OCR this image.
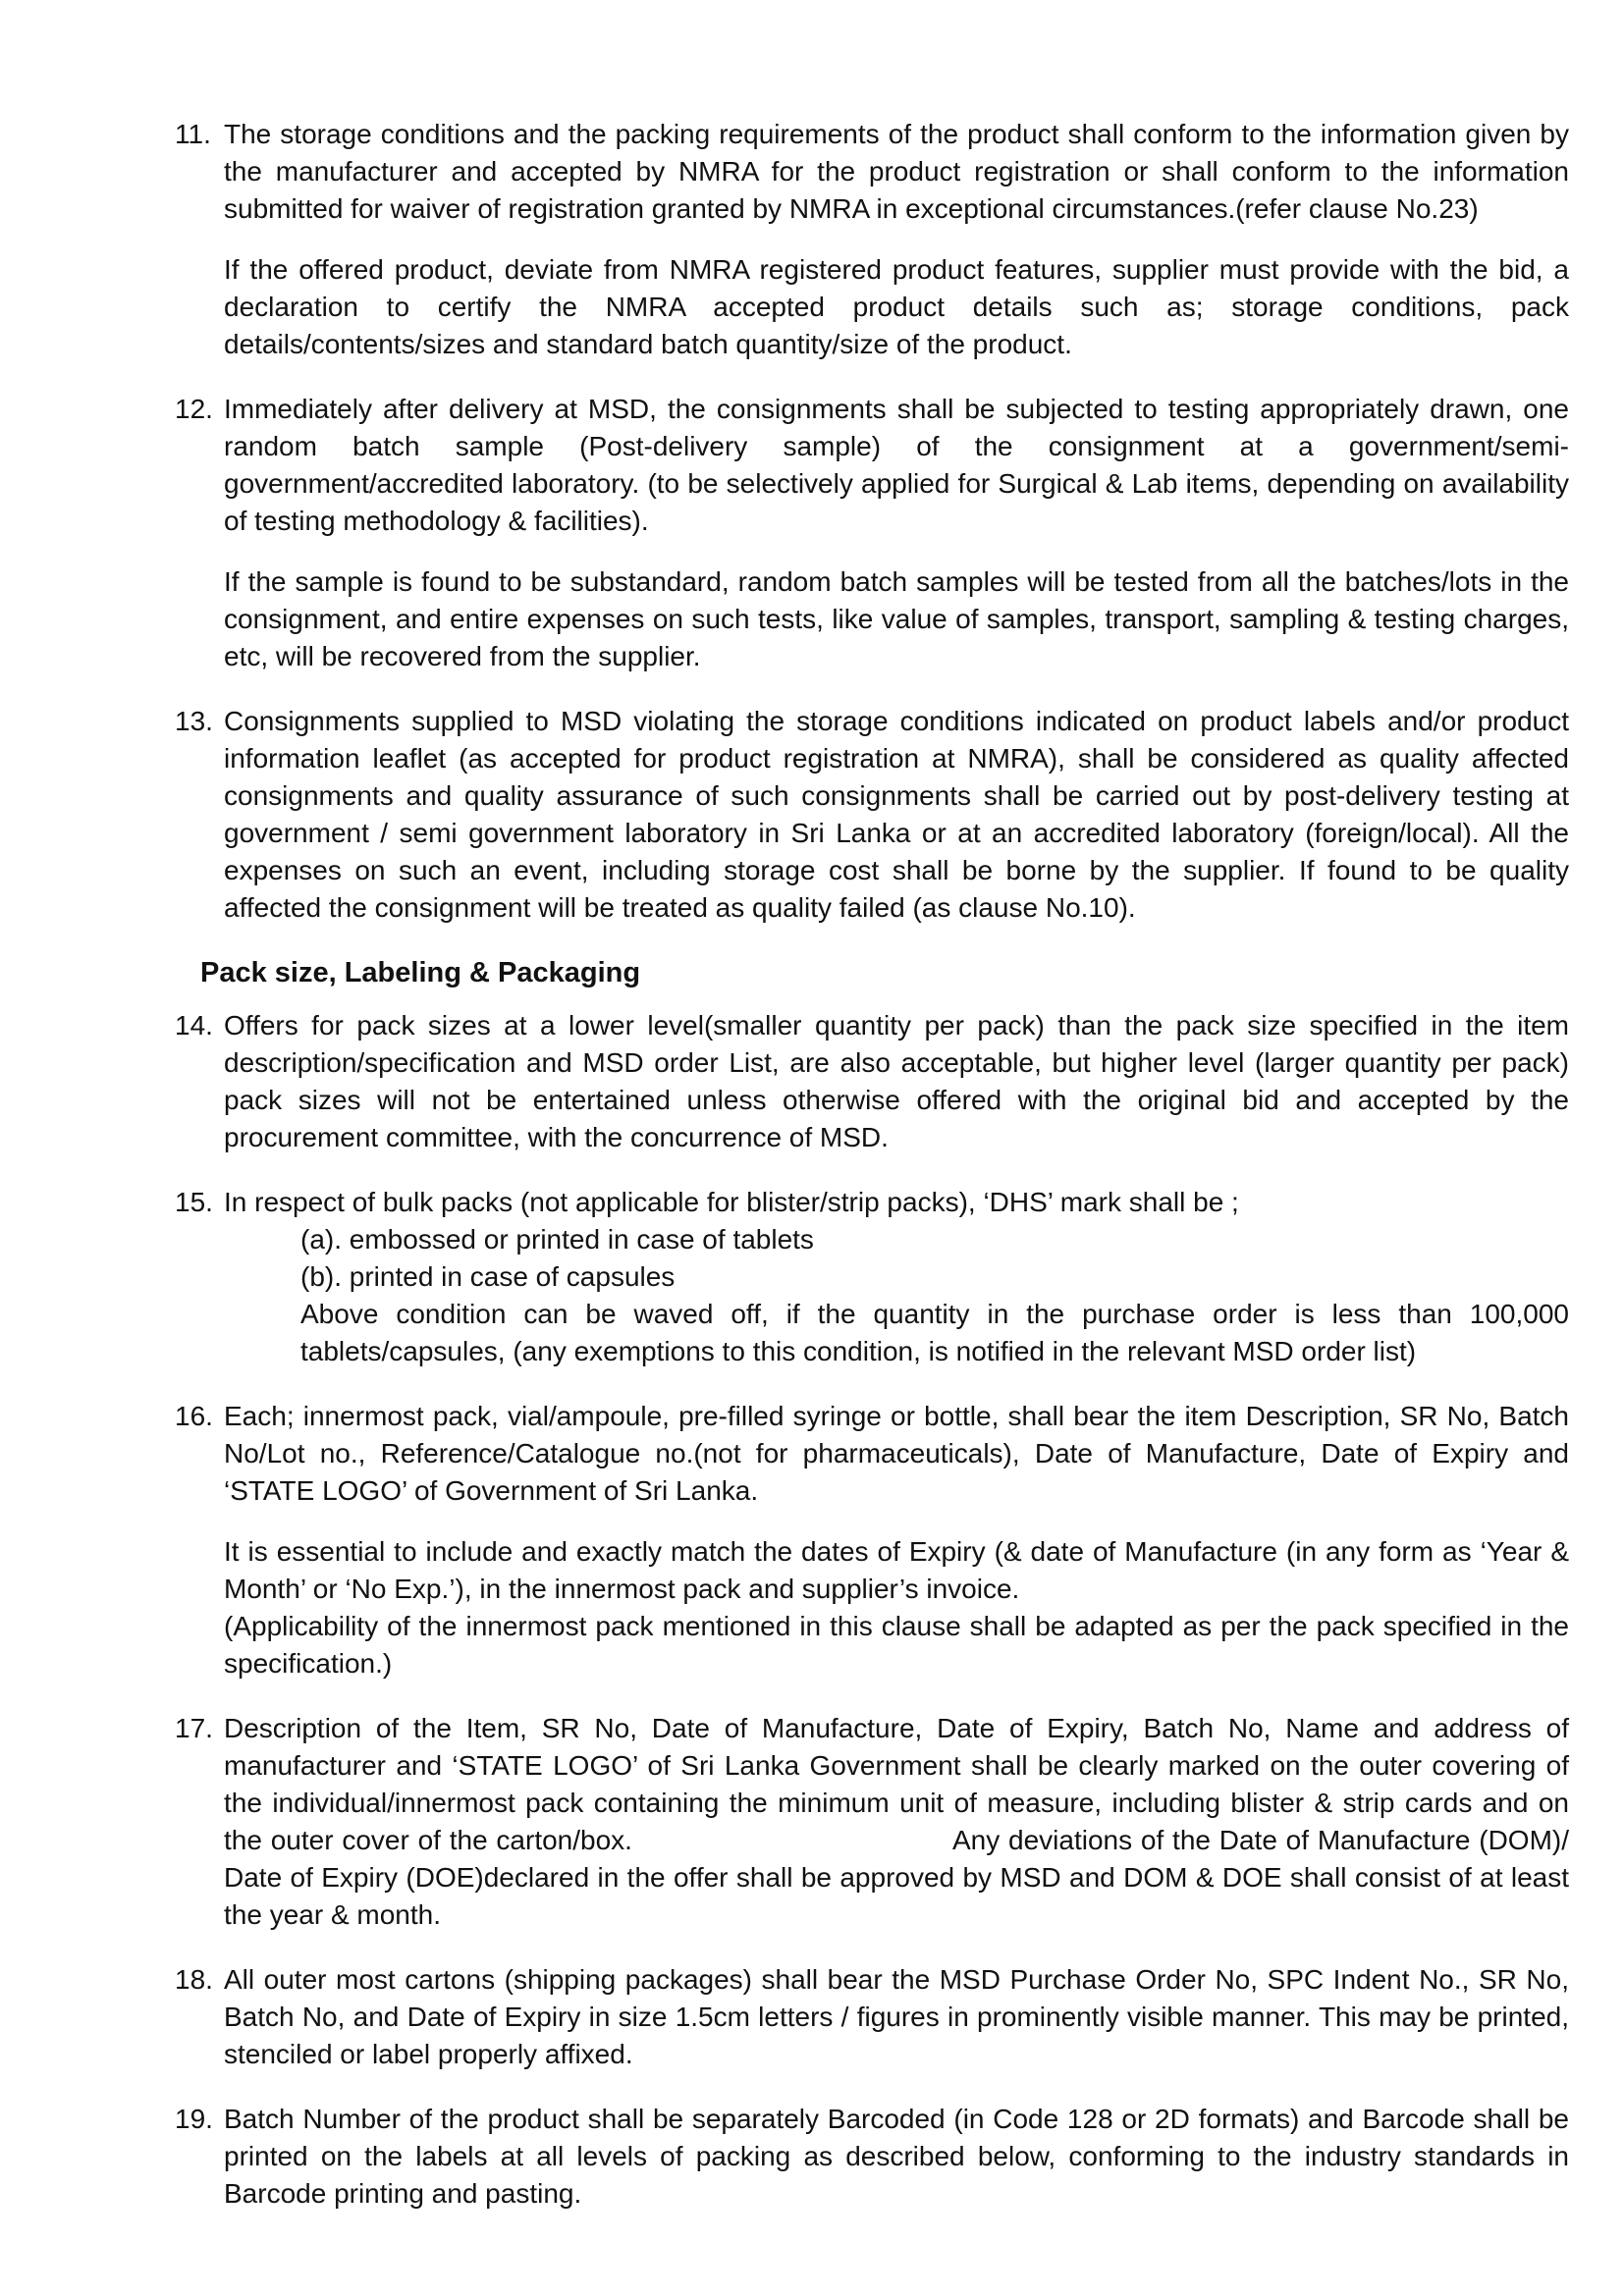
11. The storage conditions and the packing requirements of the product shall conform to the information given by the manufacturer and accepted by NMRA for the product registration or shall conform to the information submitted for waiver of registration granted by NMRA in exceptional circumstances.(refer clause No.23)

If the offered product, deviate from NMRA registered product features, supplier must provide with the bid, a declaration to certify the NMRA accepted product details such as; storage conditions, pack details/contents/sizes and standard batch quantity/size of the product.

12. Immediately after delivery at MSD, the consignments shall be subjected to testing appropriately drawn, one random batch sample (Post-delivery sample) of the consignment at a government/semi-government/accredited laboratory. (to be selectively applied for Surgical & Lab items, depending on availability of testing methodology & facilities).

If the sample is found to be substandard, random batch samples will be tested from all the batches/lots in the consignment, and entire expenses on such tests, like value of samples, transport, sampling & testing charges, etc, will be recovered from the supplier.

13. Consignments supplied to MSD violating the storage conditions indicated on product labels and/or product information leaflet (as accepted for product registration at NMRA), shall be considered as quality affected consignments and quality assurance of such consignments shall be carried out by post-delivery testing at government / semi government laboratory in Sri Lanka or at an accredited laboratory (foreign/local). All the expenses on such an event, including storage cost shall be borne by the supplier. If found to be quality affected the consignment will be treated as quality failed (as clause No.10).

Pack size, Labeling & Packaging
14. Offers for pack sizes at a lower level(smaller quantity per pack) than the pack size specified in the item description/specification and MSD order List, are also acceptable, but higher level (larger quantity per pack) pack sizes will not be entertained unless otherwise offered with the original bid and accepted by the procurement committee, with the concurrence of MSD.

15. In respect of bulk packs (not applicable for blister/strip packs), ‘DHS’ mark shall be ;

(a). embossed or printed in case of tablets
(b). printed in case of capsules

Above condition can be waved off, if the quantity in the purchase order is less than 100,000 tablets/capsules, (any exemptions to this condition, is notified in the relevant MSD order list)

16. Each; innermost pack, vial/ampoule, pre-filled syringe or bottle, shall bear the item Description, SR No, Batch No/Lot no., Reference/Catalogue no.(not for pharmaceuticals), Date of Manufacture, Date of Expiry and ‘STATE LOGO’ of Government of Sri Lanka.

It is essential to include and exactly match the dates of Expiry (& date of Manufacture (in any form as ‘Year & Month’ or ‘No Exp.’), in the innermost pack and supplier’s invoice.

(Applicability of the innermost pack mentioned in this clause shall be adapted as per the pack specified in the specification.)

17. Description of the Item, SR No, Date of Manufacture, Date of Expiry, Batch No, Name and address of manufacturer and ‘STATE LOGO’ of Sri Lanka Government shall be clearly marked on the outer covering of the individual/innermost pack containing the minimum unit of measure, including blister & strip cards and on the outer cover of the carton/box.	Any deviations of the Date of Manufacture (DOM)/ Date of Expiry (DOE)declared in the offer shall be approved by MSD and DOM & DOE shall consist of at least the year & month.

18. All outer most cartons (shipping packages) shall bear the MSD Purchase Order No, SPC Indent No., SR No, Batch No, and Date of Expiry in size 1.5cm letters / figures in prominently visible manner. This may be printed, stenciled or label properly affixed.

19. Batch Number of the product shall be separately Barcoded (in Code 128 or 2D formats) and Barcode shall be printed on the labels at all levels of packing as described below, conforming to the industry standards in Barcode printing and pasting.
